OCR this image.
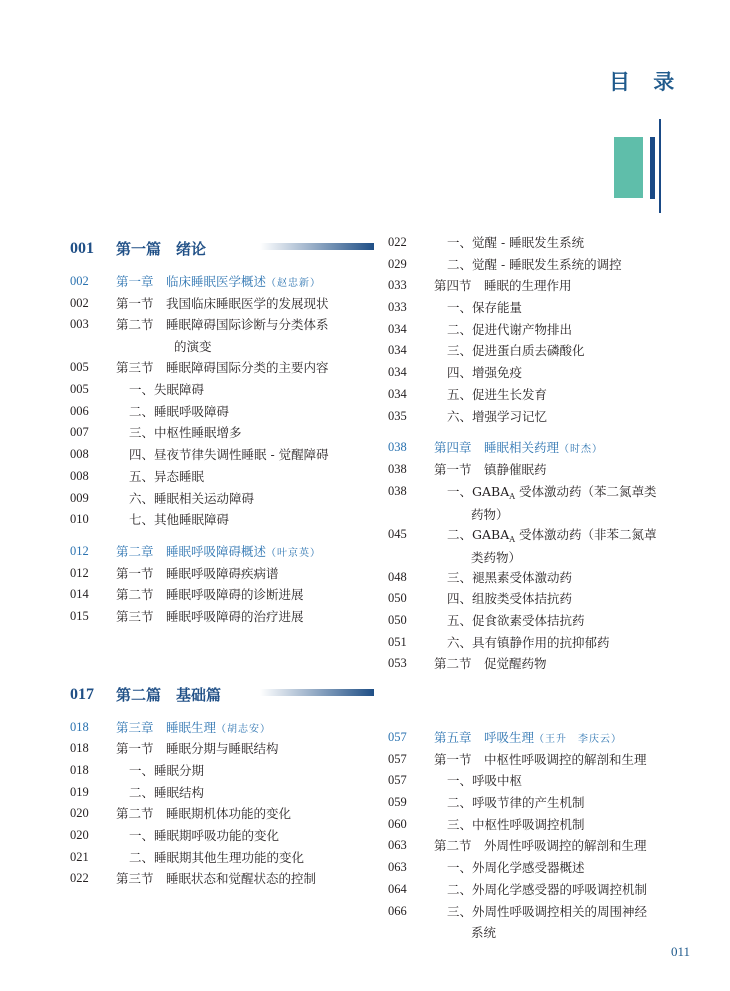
目 录
001 第一篇　绪论
002 第一章　临床睡眠医学概述（赵忠新）
002 第一节　我国临床睡眠医学的发展现状
003 第二节　睡眠障碍国际诊断与分类体系
的演变
005 第三节　睡眠障碍国际分类的主要内容
005	一、失眠障碍
006	二、睡眠呼吸障碍
007	三、中枢性睡眠增多
008	四、昼夜节律失调性睡眠 - 觉醒障碍
008	五、异态睡眠
009	六、睡眠相关运动障碍
010	七、其他睡眠障碍
012 第二章　睡眠呼吸障碍概述（叶京英）
012 第一节　睡眠呼吸障碍疾病谱
014 第二节　睡眠呼吸障碍的诊断进展
015 第三节　睡眠呼吸障碍的治疗进展
017 第二篇　基础篇
018 第三章　睡眠生理（胡志安）
018 第一节　睡眠分期与睡眠结构
018	一、睡眠分期
019	二、睡眠结构
020 第二节　睡眠期机体功能的变化
020	一、睡眠期呼吸功能的变化
021	二、睡眠期其他生理功能的变化
022 第三节　睡眠状态和觉醒状态的控制
022	一、觉醒 - 睡眠发生系统
029	二、觉醒 - 睡眠发生系统的调控
033 第四节　睡眠的生理作用
033	一、保存能量
034	二、促进代谢产物排出
034	三、促进蛋白质去磷酸化
034	四、增强免疫
034	五、促进生长发育
035	六、增强学习记忆
038 第四章　睡眠相关药理（时杰）
038 第一节　镇静催眠药
038	一、$GABA_A$ 受体激动药（苯二氮䓬类
药物）
045	二、$GABA_A$ 受体激动药（非苯二氮䓬
类药物）
048	三、褪黑素受体激动药
050	四、组胺类受体拮抗药
050	五、促食欲素受体拮抗药
051	六、具有镇静作用的抗抑郁药
053 第二节　促觉醒药物
057 第五章　呼吸生理（王升　李庆云）
057 第一节　中枢性呼吸调控的解剖和生理
057	一、呼吸中枢
059	二、呼吸节律的产生机制
060	三、中枢性呼吸调控机制
063 第二节　外周性呼吸调控的解剖和生理
063	一、外周化学感受器概述
064	二、外周化学感受器的呼吸调控机制
066	三、外周性呼吸调控相关的周围神经
系统
011
